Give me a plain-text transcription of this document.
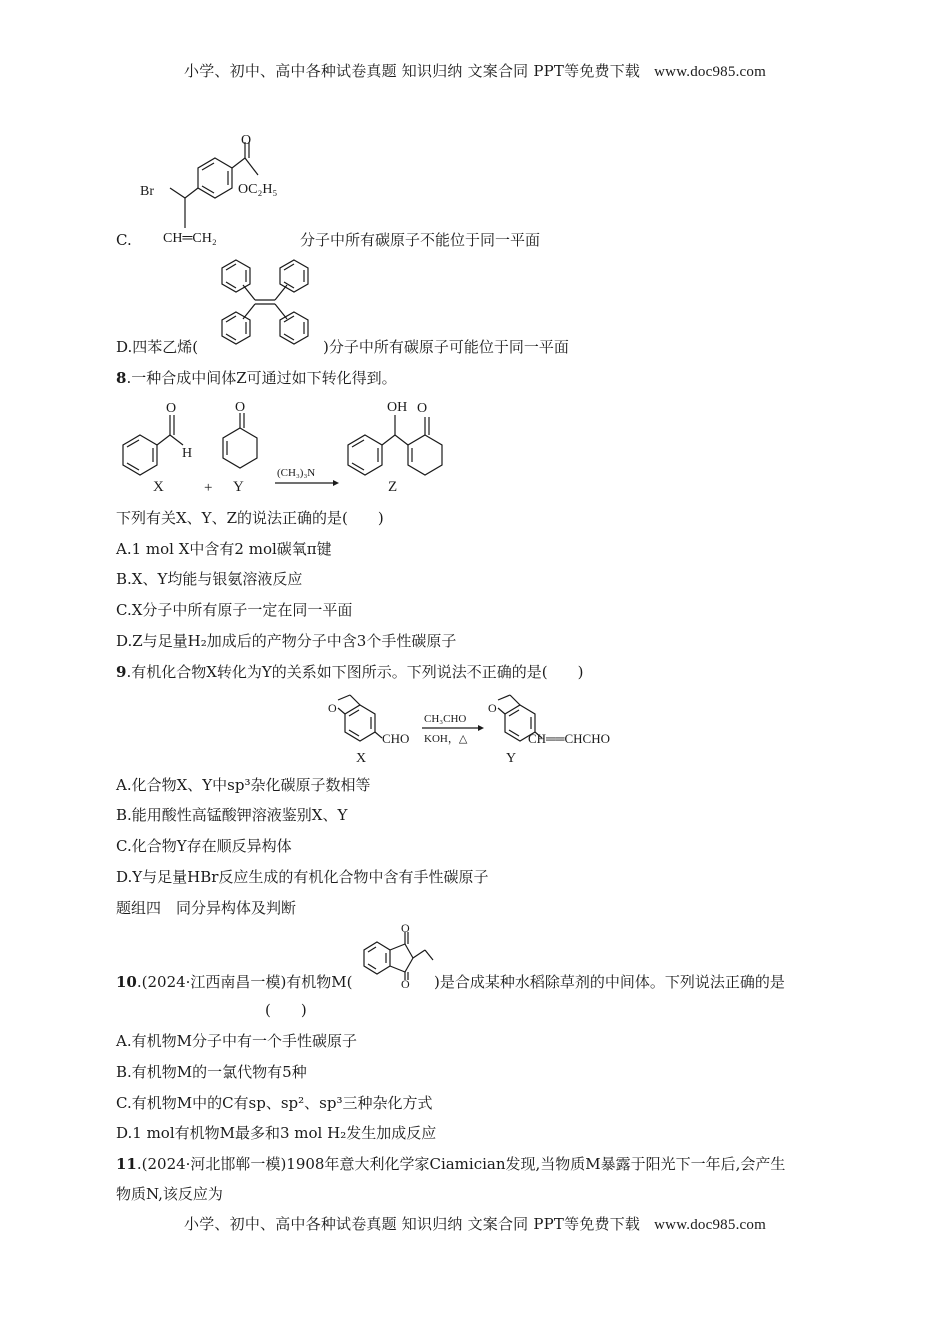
小学、初中、高中各种试卷真题 知识归纳 文案合同 PPT等免费下载 www.doc985.com
Br
O
OC₂H₅
CH═CH₂
C.	分子中所有碳原子不能位于同一平面
D.四苯乙烯(	)分子中所有碳原子可能位于同一平面
8.一种合成中间体Z可通过如下转化得到。
O
H
X	+
O
Y
(CH₃)₃N
OH O
Z
下列有关X、Y、Z的说法正确的是(　　)
A.1 mol X中含有2 mol碳氧π键
B.X、Y均能与银氨溶液反应
C.X分子中所有原子一定在同一平面
D.Z与足量H₂加成后的产物分子中含3个手性碳原子
9.有机化合物X转化为Y的关系如下图所示。下列说法不正确的是(　　)
O
CHO
X
CH₃CHO
KOH，△
O
CH══CHCHO
Y
A.化合物X、Y中sp³杂化碳原子数相等
B.能用酸性高锰酸钾溶液鉴别X、Y
C.化合物Y存在顺反异构体
D.Y与足量HBr反应生成的有机化合物中含有手性碳原子
题组四　同分异构体及判断
O
O
10.(2024·江西南昌一模)有机物M(	)是合成某种水稻除草剂的中间体。下列说法正确的是
(　　)
A.有机物M分子中有一个手性碳原子
B.有机物M的一氯代物有5种
C.有机物M中的C有sp、sp²、sp³三种杂化方式
D.1 mol有机物M最多和3 mol H₂发生加成反应
11.(2024·河北邯郸一模)1908年意大利化学家Ciamician发现,当物质M暴露于阳光下一年后,会产生
物质N,该反应为
小学、初中、高中各种试卷真题 知识归纳 文案合同 PPT等免费下载 www.doc985.com
